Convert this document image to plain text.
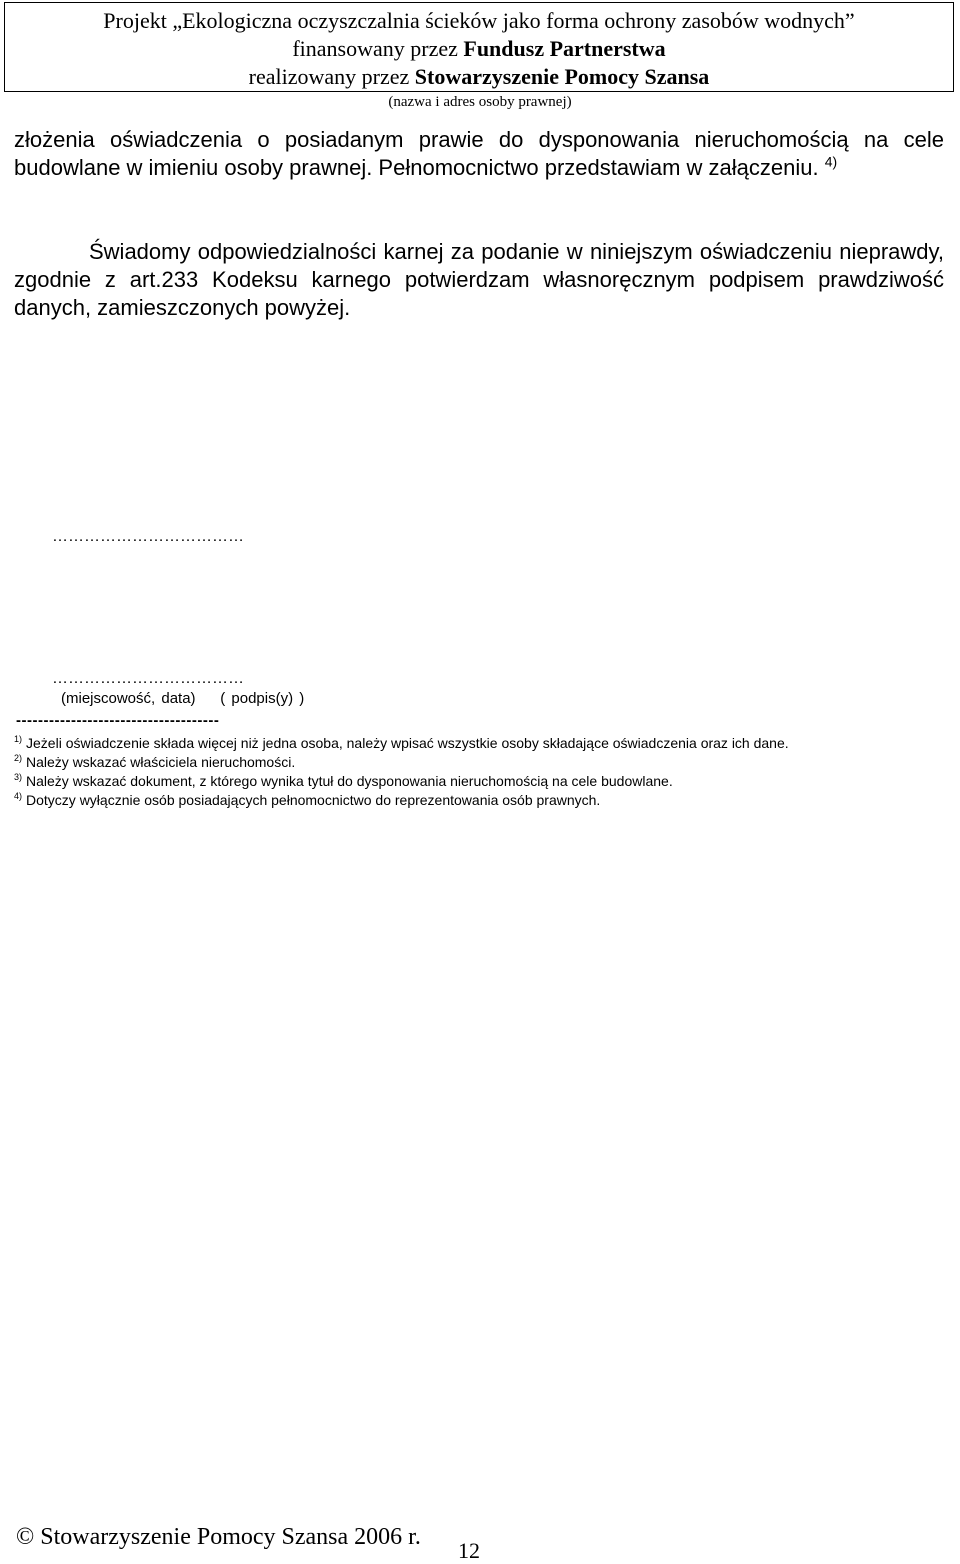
Projekt „Ekologiczna oczyszczalnia ścieków jako forma ochrony zasobów wodnych”
finansowany przez Fundusz Partnerstwa
realizowany przez Stowarzyszenie Pomocy Szansa
(nazwa i adres osoby prawnej)
złożenia oświadczenia o posiadanym prawie do dysponowania nieruchomością na cele budowlane w imieniu osoby prawnej. Pełnomocnictwo przedstawiam w załączeniu. $^{4)}$
Świadomy odpowiedzialności karnej za podanie w niniejszym oświadczeniu nieprawdy, zgodnie z art.233 Kodeksu karnego potwierdzam własnoręcznym podpisem prawdziwość danych, zamieszczonych powyżej.
………………………………
………………………………
(miejscowość, data) ( podpis(y) )
-------------------------------------
$^{1)}$ Jeżeli oświadczenie składa więcej niż jedna osoba, należy wpisać wszystkie osoby składające oświadczenia oraz ich dane.
$^{2)}$ Należy wskazać właściciela nieruchomości.
$^{3)}$ Należy wskazać dokument, z którego wynika tytuł do dysponowania nieruchomością na cele budowlane.
$^{4)}$ Dotyczy wyłącznie osób posiadających pełnomocnictwo do reprezentowania osób prawnych.
© Stowarzyszenie Pomocy Szansa 2006 r.
12
